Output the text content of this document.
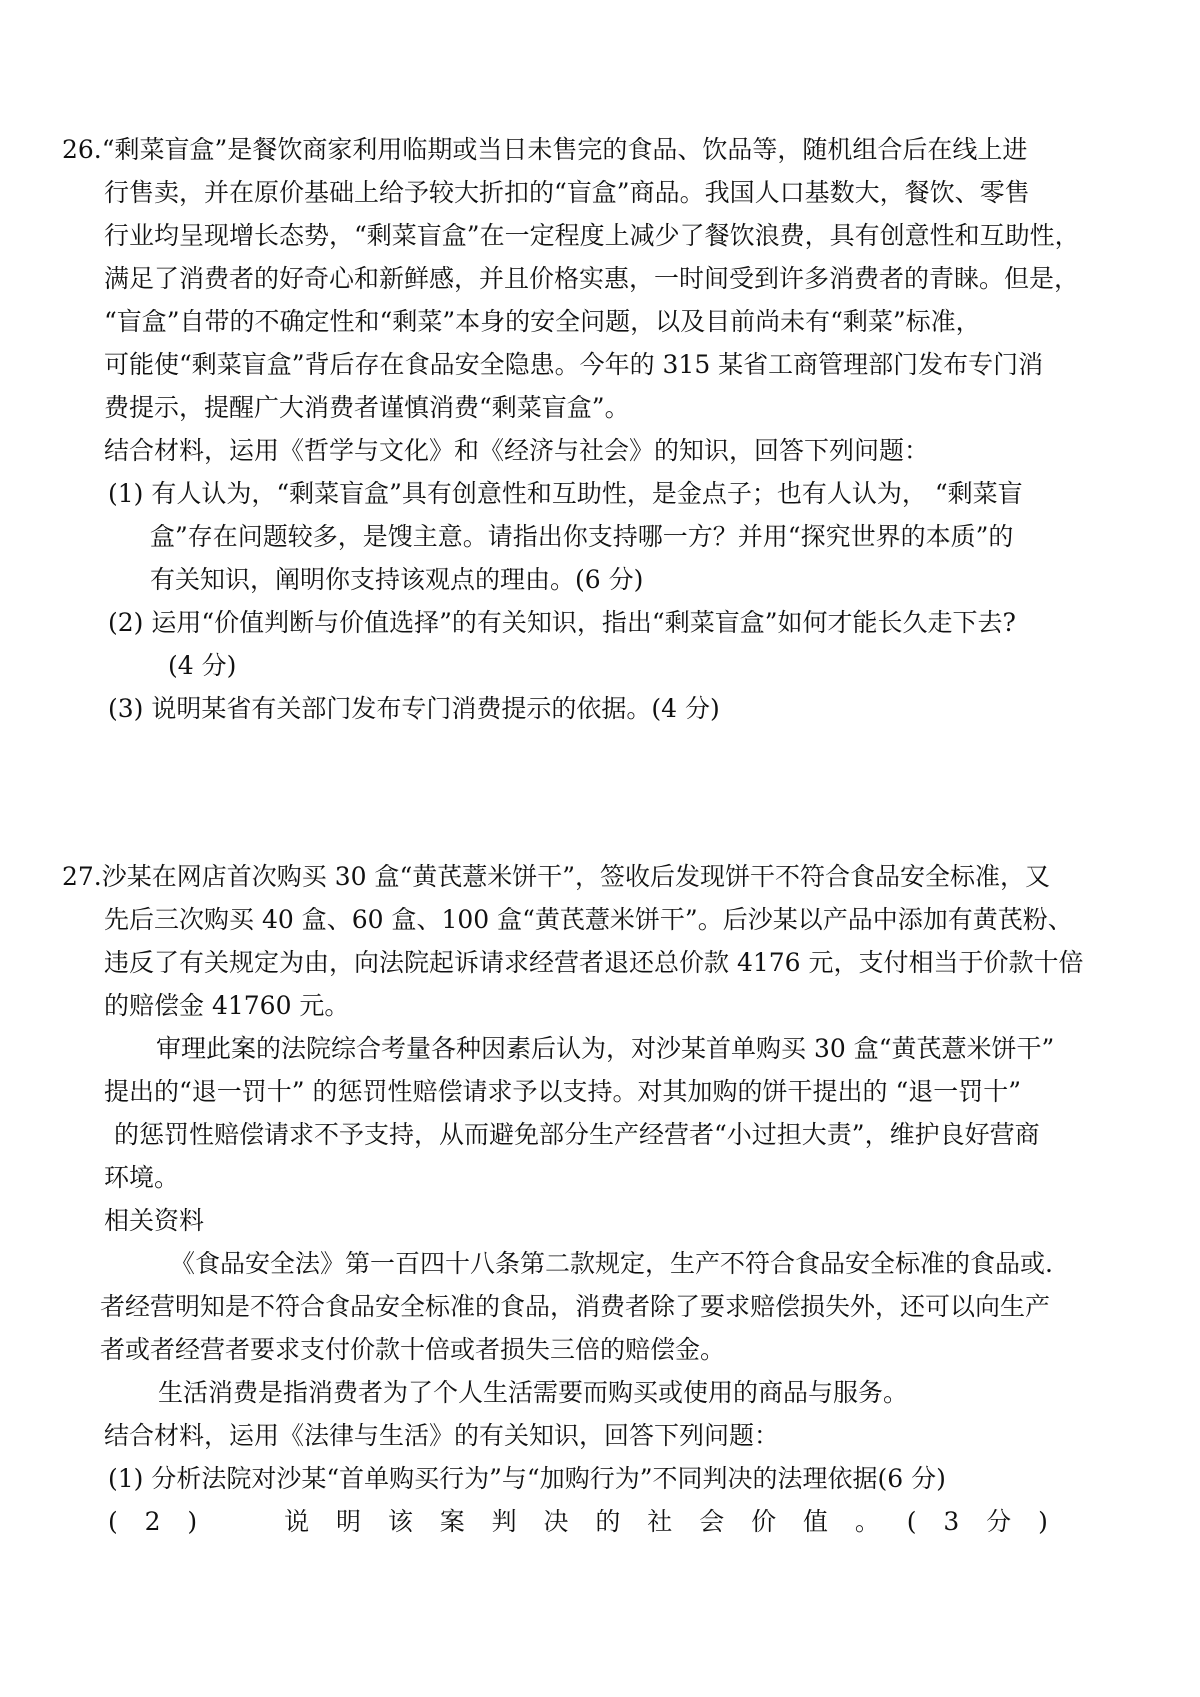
26.“剩菜盲盒”是餐饮商家利用临期或当日未售完的食品、饮品等，随机组合后在线上进
行售卖，并在原价基础上给予较大折扣的“盲盒”商品。我国人口基数大，餐饮、零售
行业均呈现增长态势，“剩菜盲盒”在一定程度上减少了餐饮浪费，具有创意性和互助性，
满足了消费者的好奇心和新鲜感，并且价格实惠，一时间受到许多消费者的青睐。但是，
“盲盒”自带的不确定性和“剩菜”本身的安全问题，以及目前尚未有“剩菜”标准，
可能使“剩菜盲盒”背后存在食品安全隐患。今年的 315 某省工商管理部门发布专门消
费提示，提醒广大消费者谨慎消费“剩菜盲盒”。
结合材料，运用《哲学与文化》和《经济与社会》的知识，回答下列问题：
(1) 有人认为，“剩菜盲盒”具有创意性和互助性，是金点子；也有人认为， “剩菜盲
盒”存在问题较多，是馊主意。请指出你支持哪一方？并用“探究世界的本质”的
有关知识，阐明你支持该观点的理由。(6 分)
(2) 运用“价值判断与价值选择”的有关知识，指出“剩菜盲盒”如何才能长久走下去?
(4 分)
(3) 说明某省有关部门发布专门消费提示的依据。(4 分)
27.沙某在网店首次购买 30 盒“黄芪薏米饼干”，签收后发现饼干不符合食品安全标准，又
先后三次购买 40 盒、60 盒、100 盒“黄芪薏米饼干”。后沙某以产品中添加有黄芪粉、
违反了有关规定为由，向法院起诉请求经营者退还总价款 4176 元，支付相当于价款十倍
的赔偿金 41760 元。
审理此案的法院综合考量各种因素后认为，对沙某首单购买 30 盒“黄芪薏米饼干”
提出的“退一罚十” 的惩罚性赔偿请求予以支持。对其加购的饼干提出的 “退一罚十”
的惩罚性赔偿请求不予支持，从而避免部分生产经营者“小过担大责”，维护良好营商
环境。
相关资料
《食品安全法》第一百四十八条第二款规定，生产不符合食品安全标准的食品或.
者经营明知是不符合食品安全标准的食品，消费者除了要求赔偿损失外，还可以向生产
者或者经营者要求支付价款十倍或者损失三倍的赔偿金。
生活消费是指消费者为了个人生活需要而购买或使用的商品与服务。
结合材料，运用《法律与生活》的有关知识，回答下列问题：
(1) 分析法院对沙某“首单购买行为”与“加购行为”不同判决的法理依据(6 分)
( 2 )	说 明 该 案 判 决 的 社 会 价 值 。 ( 3 分 )
